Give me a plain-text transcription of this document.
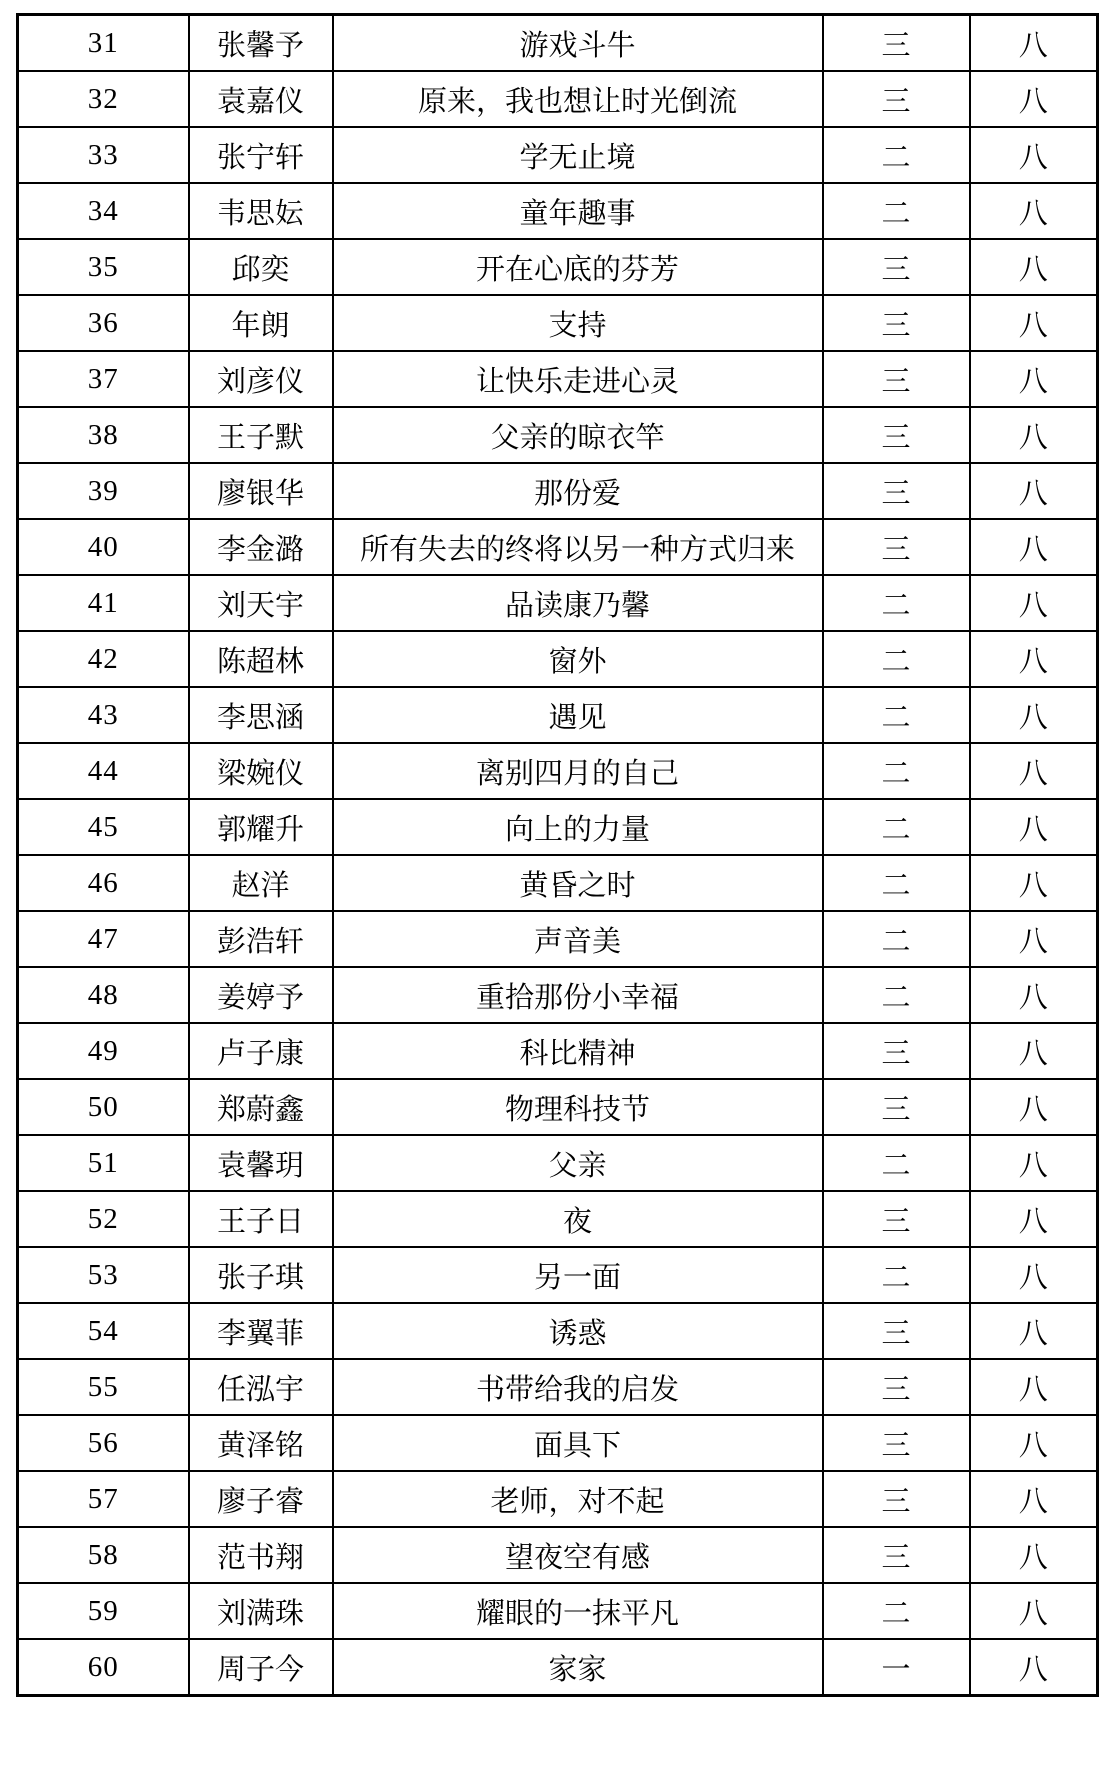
31	张馨予	游戏斗牛	三	八
32	袁嘉仪	原来，我也想让时光倒流	三	八
33	张宁轩	学无止境	二	八
34	韦思妘	童年趣事	二	八
35	邱奕	开在心底的芬芳	三	八
36	年朗	支持	三	八
37	刘彦仪	让快乐走进心灵	三	八
38	王子默	父亲的晾衣竿	三	八
39	廖银华	那份爱	三	八
40	李金潞	所有失去的终将以另一种方式归来	三	八
41	刘天宇	品读康乃馨	二	八
42	陈超林	窗外	二	八
43	李思涵	遇见	二	八
44	梁婉仪	离别四月的自己	二	八
45	郭耀升	向上的力量	二	八
46	赵洋	黄昏之时	二	八
47	彭浩轩	声音美	二	八
48	姜婷予	重拾那份小幸福	二	八
49	卢子康	科比精神	三	八
50	郑蔚鑫	物理科技节	三	八
51	袁馨玥	父亲	二	八
52	王子日	夜	三	八
53	张子琪	另一面	二	八
54	李翼菲	诱惑	三	八
55	任泓宇	书带给我的启发	三	八
56	黄泽铭	面具下	三	八
57	廖子睿	老师，对不起	三	八
58	范书翔	望夜空有感	三	八
59	刘满珠	耀眼的一抹平凡	二	八
60	周子今	家家	一	八
